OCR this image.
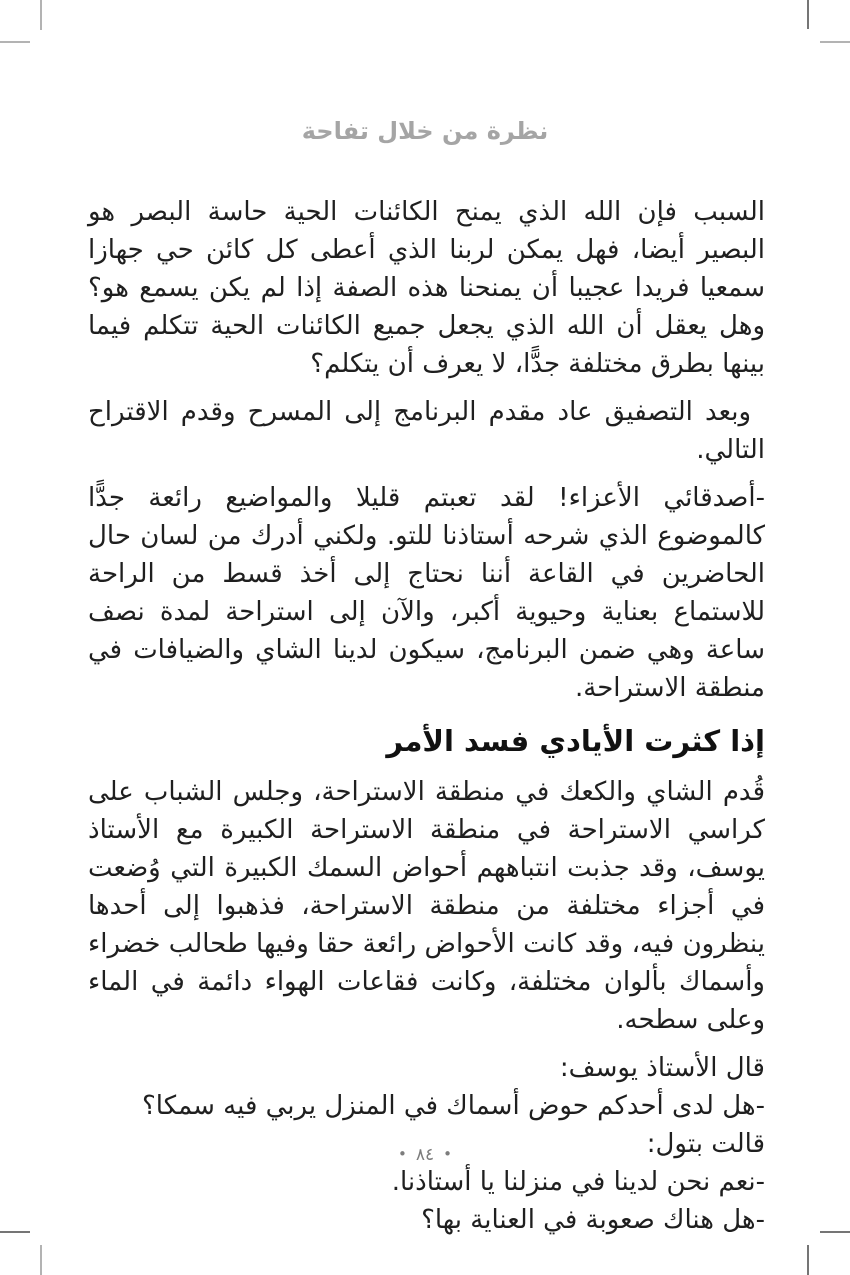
نظرة من خلال تفاحة

السبب فإن الله الذي يمنح الكائنات الحية حاسة البصر هو البصير أيضا، فهل يمكن لربنا الذي أعطى كل كائن حي جهازا سمعيا فريدا عجيبا أن يمنحنا هذه الصفة إذا لم يكن يسمع هو؟ وهل يعقل أن الله الذي يجعل جميع الكائنات الحية تتكلم فيما بينها بطرق مختلفة جدًّا، لا يعرف أن يتكلم؟

وبعد التصفيق عاد مقدم البرنامج إلى المسرح وقدم الاقتراح التالي.

-أصدقائي الأعزاء! لقد تعبتم قليلا والمواضيع رائعة جدًّا كالموضوع الذي شرحه أستاذنا للتو. ولكني أدرك من لسان حال الحاضرين في القاعة أننا نحتاج إلى أخذ قسط من الراحة للاستماع بعناية وحيوية أكبر، والآن إلى استراحة لمدة نصف ساعة وهي ضمن البرنامج، سيكون لدينا الشاي والضيافات في منطقة الاستراحة.

إذا كثرت الأيادي فسد الأمر

قُدم الشاي والكعك في منطقة الاستراحة، وجلس الشباب على كراسي الاستراحة في منطقة الاستراحة الكبيرة مع الأستاذ يوسف، وقد جذبت انتباههم أحواض السمك الكبيرة التي وُضعت في أجزاء مختلفة من منطقة الاستراحة، فذهبوا إلى أحدها ينظرون فيه، وقد كانت الأحواض رائعة حقا وفيها طحالب خضراء وأسماك بألوان مختلفة، وكانت فقاعات الهواء دائمة في الماء وعلى سطحه.

قال الأستاذ يوسف:

-هل لدى أحدكم حوض أسماك في المنزل يربي فيه سمكا؟

قالت بتول:

-نعم نحن لدينا في منزلنا يا أستاذنا.

-هل هناك صعوبة في العناية بها؟

•٨٤•
